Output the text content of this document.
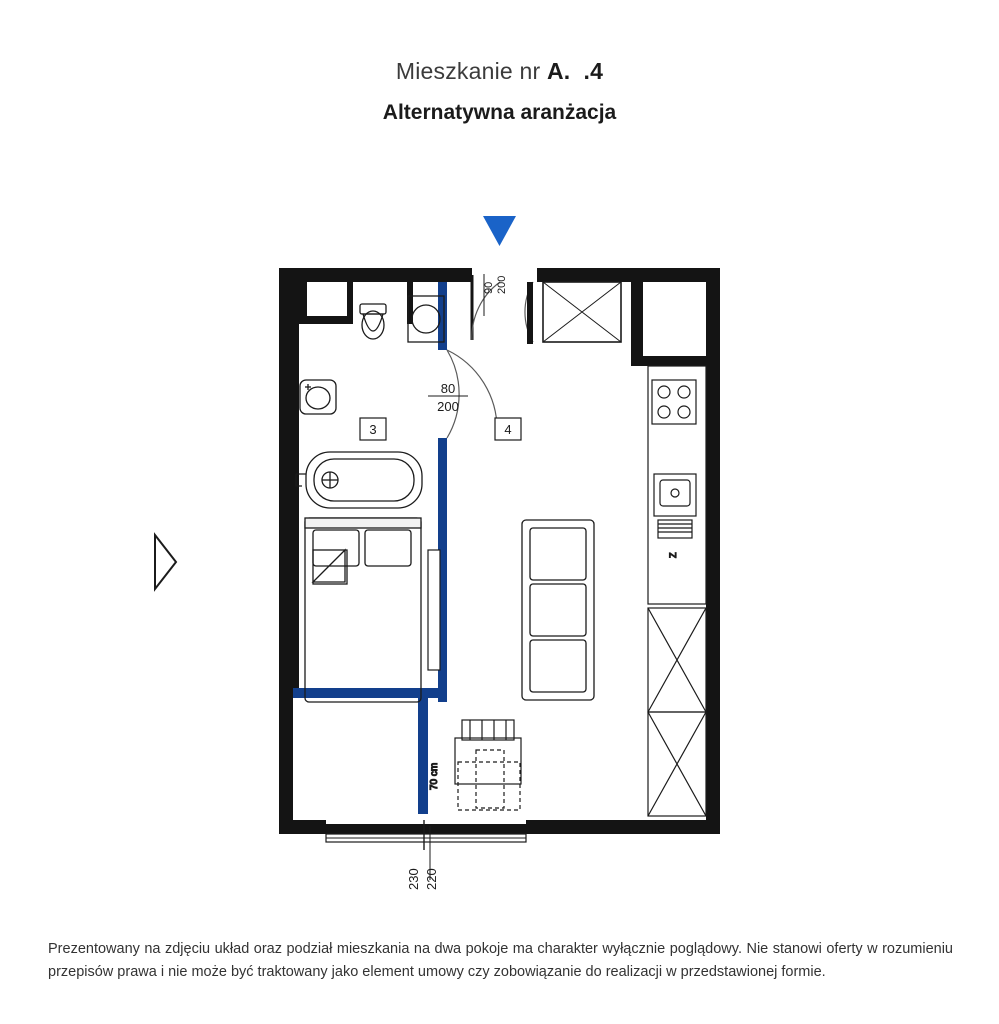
Mieszkanie nr A.  .4
Alternatywna aranżacja
90 200
80
200
3	4
70 cm
Z
230 220
Prezentowany na zdjęciu układ oraz podział mieszkania na dwa pokoje ma charakter wyłącznie poglądowy. Nie stanowi oferty w rozumieniu przepisów prawa i nie może być traktowany jako element umowy czy zobowiązanie do realizacji w przedstawionej formie.
